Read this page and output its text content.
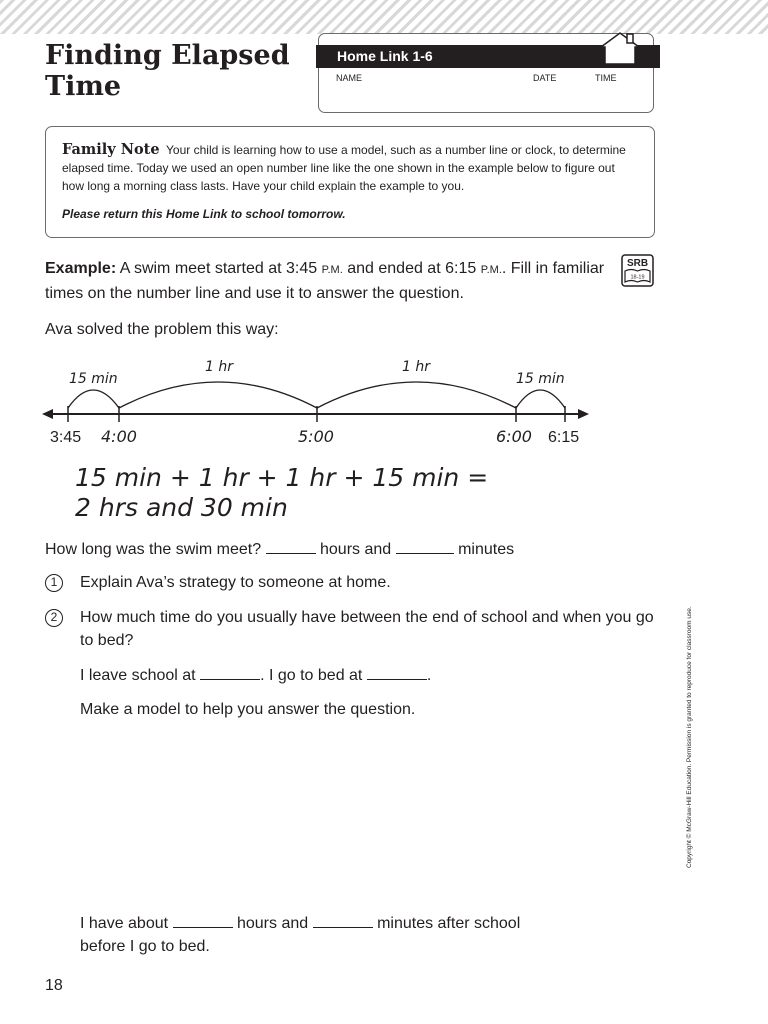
Finding Elapsed
Time
Home Link 1-6
NAME	DATE	TIME
Family Note Your child is learning how to use a model, such as a number line or clock, to determine elapsed time. Today we used an open number line like the one shown in the example below to figure out how long a morning class lasts. Have your child explain the example to you.
Please return this Home Link to school tomorrow.
Example: A swim meet started at 3:45 P.M. and ended at 6:15 P.M.. Fill in familiar times on the number line and use it to answer the question.
SRB
18-19
Ava solved the problem this way:
15 min
1 hr	1 hr
15 min
3:45 4:00	5:00	6:00 6:15
15 min + 1 hr + 1 hr + 15 min =
2 hrs and 30 min
How long was the swim meet?	hours and	minutes
1	Explain Ava’s strategy to someone at home.
2	How much time do you usually have between the end of school and when you go to bed?
I leave school at	. I go to bed at	.
Make a model to help you answer the question.
I have about	hours and	minutes after school
before I go to bed.
Copyright © McGraw-Hill Education. Permission is granted to reproduce for classroom use.
18
